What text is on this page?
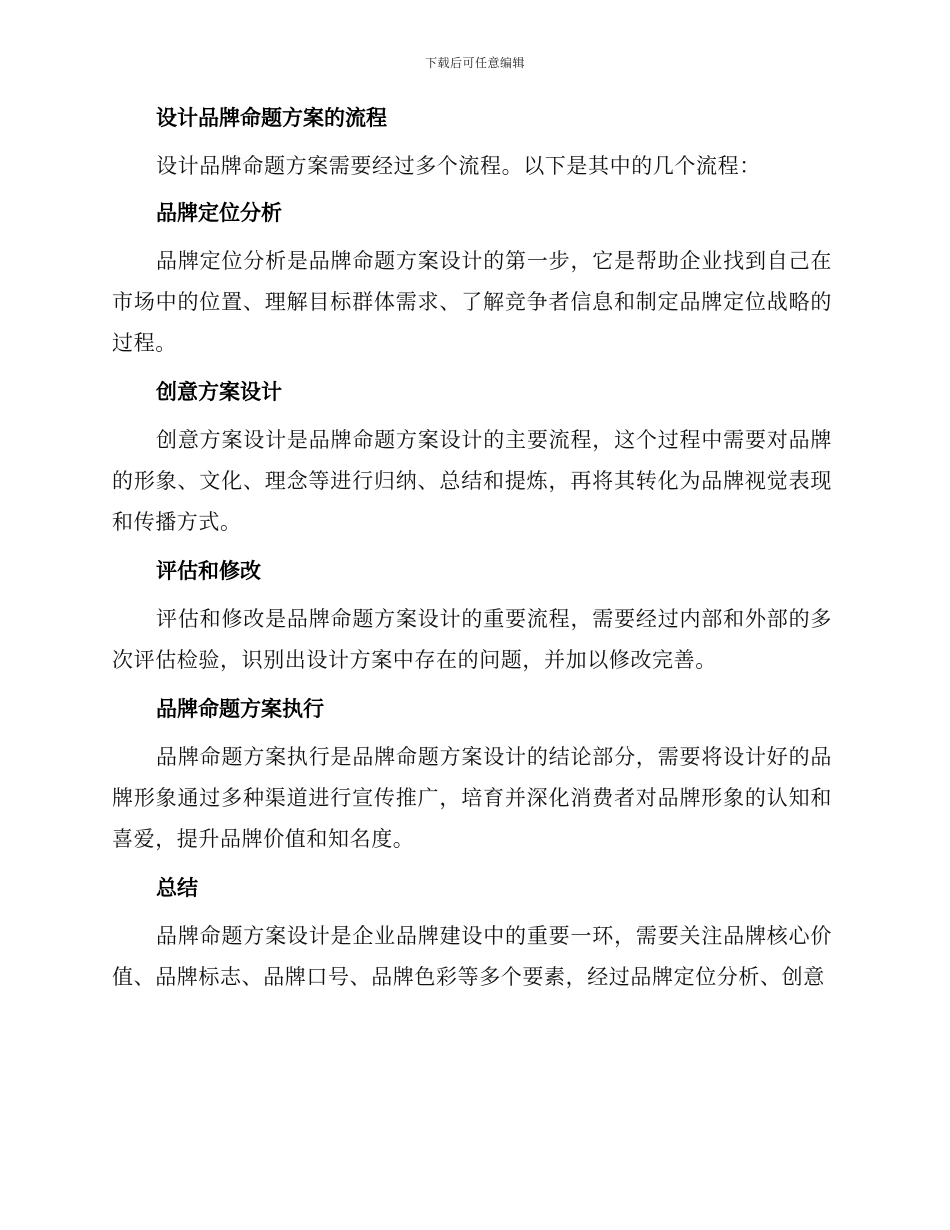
下载后可任意编辑
设计品牌命题方案的流程

设计品牌命题方案需要经过多个流程。以下是其中的几个流程：

品牌定位分析

品牌定位分析是品牌命题方案设计的第一步，它是帮助企业找到自己在市场中的位置、理解目标群体需求、了解竞争者信息和制定品牌定位战略的过程。

创意方案设计

创意方案设计是品牌命题方案设计的主要流程，这个过程中需要对品牌的形象、文化、理念等进行归纳、总结和提炼，再将其转化为品牌视觉表现和传播方式。

评估和修改

评估和修改是品牌命题方案设计的重要流程，需要经过内部和外部的多次评估检验，识别出设计方案中存在的问题，并加以修改完善。

品牌命题方案执行

品牌命题方案执行是品牌命题方案设计的结论部分，需要将设计好的品牌形象通过多种渠道进行宣传推广，培育并深化消费者对品牌形象的认知和喜爱，提升品牌价值和知名度。

总结

品牌命题方案设计是企业品牌建设中的重要一环，需要关注品牌核心价值、品牌标志、品牌口号、品牌色彩等多个要素，经过品牌定位分析、创意
